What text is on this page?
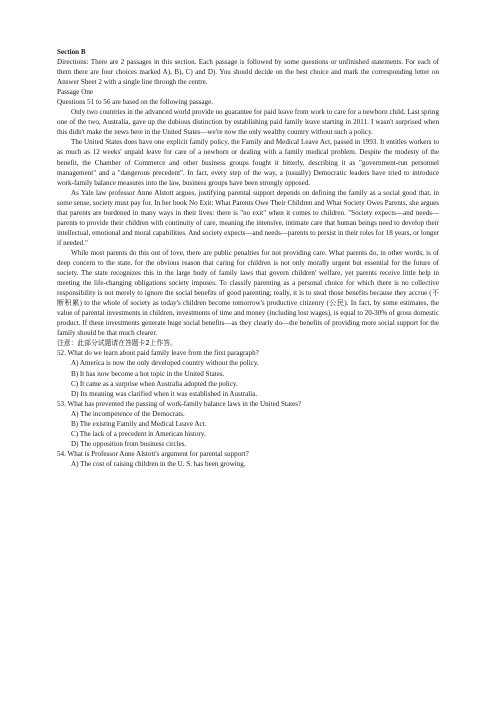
Section B

Directions: There are 2 passages in this section. Each passage is followed by some questions or unfinished statements. For each of them there are four choices marked A), B), C) and D). You should decide on the best choice and mark the corresponding letter on Answer Sheet 2 with a single line through the centre.

Passage One
Questions 51 to 56 are based on the following passage.

Only two countries in the advanced world provide no guarantee for paid leave from work to care for a newborn child. Last spring one of the two, Australia, gave up the dubious distinction by establishing paid family leave starting in 2011. I wasn't surprised when this didn't make the news here in the United States—we're now the only wealthy country without such a policy.

The United States does have one explicit family policy, the Family and Medical Leave Act, passed in 1993. It entitles workers to as much as 12 weeks' unpaid leave for care of a newborn or dealing with a family medical problem. Despite the modesty of the benefit, the Chamber of Commerce and other business groups fought it bitterly, describing it as "government-run personnel management" and a "dangerous precedent". In fact, every step of the way, a (usually) Democratic leaders have tried to introduce work-family balance measures into the law, business groups have been strongly opposed.

As Yale law professor Anne Alstott argues, justifying parental support depends on defining the family as a social good that, in some sense, society must pay for. In her book No Exit: What Parents Owe Their Children and What Society Owes Parents, she argues that parents are burdened in many ways in their lives: there is "no exit" when it comes to children. "Society expects—and needs—parents to provide their children with continuity of care, meaning the intensive, intimate care that human beings need to develop their intellectual, emotional and moral capabilities. And society expects—and needs—parents to persist in their roles for 18 years, or longer if needed."

While most parents do this out of love, there are public penalties for not providing care. What parents do, in other words, is of deep concern to the state, for the obvious reason that caring for children is not only morally urgent but essential for the future of society. The state recognizes this in the large body of family laws that govern children' welfare, yet parents receive little help in meeting the life-changing obligations society imposes. To classify parenting as a personal choice for which there is no collective responsibility is not merely to ignore the social benefits of good parenting; really, it is to steal those benefits because they accrue (不断积累) to the whole of society as today's children become tomorrow's productive citizenry (公民). In fact, by some estimates, the value of parental investments in children, investments of time and money (including lost wages), is equal to 20-30% of gross domestic product. If these investments generate huge social benefits—as they clearly do—the benefits of providing more social support for the family should be that much clearer.

注意：此部分试题请在答题卡2上作答。
52. What do we learn about paid family leave from the first paragraph?
A) America is now the only developed country without the policy.
B) It has now become a hot topic in the United States.
C) It came as a surprise when Australia adopted the policy.
D) Its meaning was clarified when it was established in Australia.
53. What has prevented the passing of work-family balance laws in the United States?
A) The incompetence of the Democrats.
B) The existing Family and Medical Leave Act.
C) The lack of a precedent in American history.
D) The opposition from business circles.
54. What is Professor Anne Alstott's argument for parental support?
A) The cost of raising children in the U. S. has been growing.
